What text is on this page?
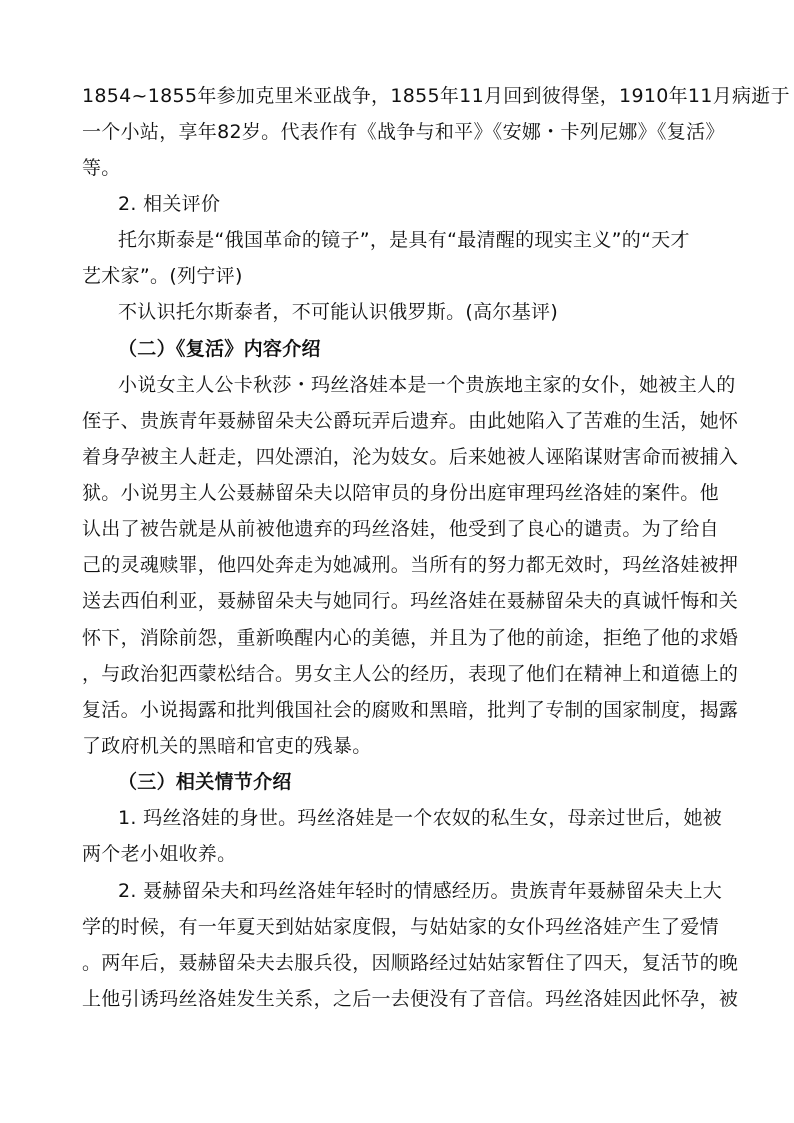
1854~1855年参加克里米亚战争，1855年11月回到彼得堡，1910年11月病逝于
一个小站，享年82岁。代表作有《战争与和平》《安娜・卡列尼娜》《复活》
等。
2. 相关评价
托尔斯泰是“俄国革命的镜子”，是具有“最清醒的现实主义”的“天才
艺术家”。(列宁评)
不认识托尔斯泰者，不可能认识俄罗斯。(高尔基评)
（二）《复活》内容介绍
小说女主人公卡秋莎・玛丝洛娃本是一个贵族地主家的女仆，她被主人的
侄子、贵族青年聂赫留朵夫公爵玩弄后遗弃。由此她陷入了苦难的生活，她怀
着身孕被主人赶走，四处漂泊，沦为妓女。后来她被人诬陷谋财害命而被捕入
狱。小说男主人公聂赫留朵夫以陪审员的身份出庭审理玛丝洛娃的案件。他
认出了被告就是从前被他遗弃的玛丝洛娃，他受到了良心的谴责。为了给自
己的灵魂赎罪，他四处奔走为她减刑。当所有的努力都无效时，玛丝洛娃被押
送去西伯利亚，聂赫留朵夫与她同行。玛丝洛娃在聂赫留朵夫的真诚忏悔和关
怀下，消除前怨，重新唤醒内心的美德，并且为了他的前途，拒绝了他的求婚
，与政治犯西蒙松结合。男女主人公的经历，表现了他们在精神上和道德上的
复活。小说揭露和批判俄国社会的腐败和黑暗，批判了专制的国家制度，揭露
了政府机关的黑暗和官吏的残暴。
（三）相关情节介绍
1. 玛丝洛娃的身世。玛丝洛娃是一个农奴的私生女，母亲过世后，她被
两个老小姐收养。
2. 聂赫留朵夫和玛丝洛娃年轻时的情感经历。贵族青年聂赫留朵夫上大
学的时候，有一年夏天到姑姑家度假，与姑姑家的女仆玛丝洛娃产生了爱情
。两年后，聂赫留朵夫去服兵役，因顺路经过姑姑家暂住了四天，复活节的晚
上他引诱玛丝洛娃发生关系，之后一去便没有了音信。玛丝洛娃因此怀孕，被
